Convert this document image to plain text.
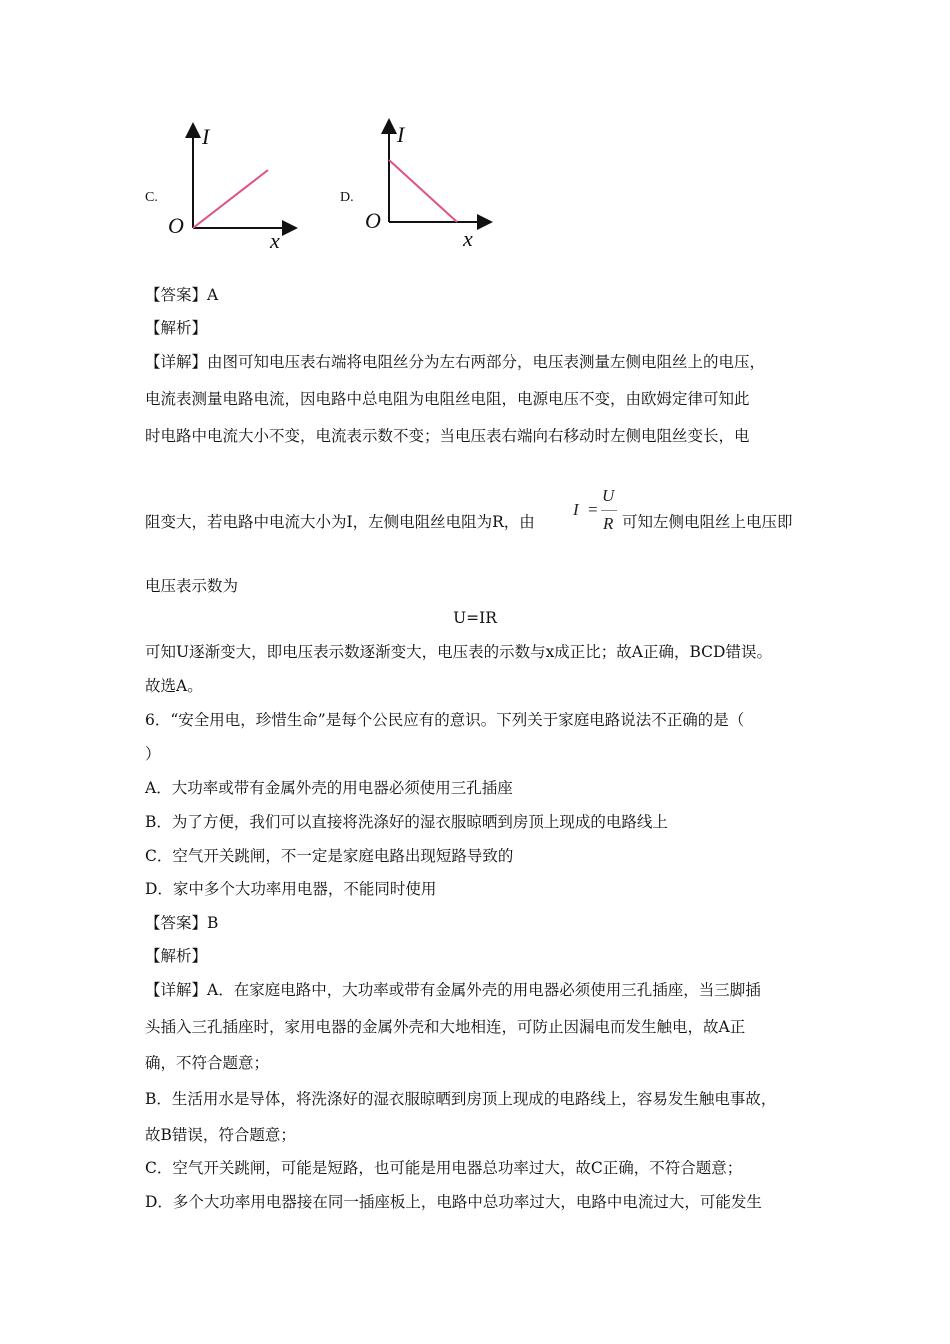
C.
I
O
x
D.
I
O
x
【答案】A
【解析】
【详解】由图可知电压表右端将电阻丝分为左右两部分，电压表测量左侧电阻丝上的电压，
电流表测量电路电流，因电路中总电阻为电阻丝电阻，电源电压不变，由欧姆定律可知此
时电路中电流大小不变，电流表示数不变；当电压表右端向右移动时左侧电阻丝变长，电
阻变大，若电路中电流大小为I，左侧电阻丝电阻为R，由
I =
U
R 可知左侧电阻丝上电压即
电压表示数为
U=IR
可知U逐渐变大，即电压表示数逐渐变大，电压表的示数与x成正比；故A正确，BCD错误。
故选A。
6．“安全用电，珍惜生命”是每个公民应有的意识。下列关于家庭电路说法不正确的是（
）
A．大功率或带有金属外壳的用电器必须使用三孔插座
B．为了方便，我们可以直接将洗涤好的湿衣服晾晒到房顶上现成的电路线上
C．空气开关跳闸，不一定是家庭电路出现短路导致的
D．家中多个大功率用电器，不能同时使用
【答案】B
【解析】
【详解】A．在家庭电路中，大功率或带有金属外壳的用电器必须使用三孔插座，当三脚插
头插入三孔插座时，家用电器的金属外壳和大地相连，可防止因漏电而发生触电，故A正
确，不符合题意；
B．生活用水是导体，将洗涤好的湿衣服晾晒到房顶上现成的电路线上，容易发生触电事故，
故B错误，符合题意；
C．空气开关跳闸，可能是短路，也可能是用电器总功率过大，故C正确，不符合题意；
D．多个大功率用电器接在同一插座板上，电路中总功率过大，电路中电流过大，可能发生
